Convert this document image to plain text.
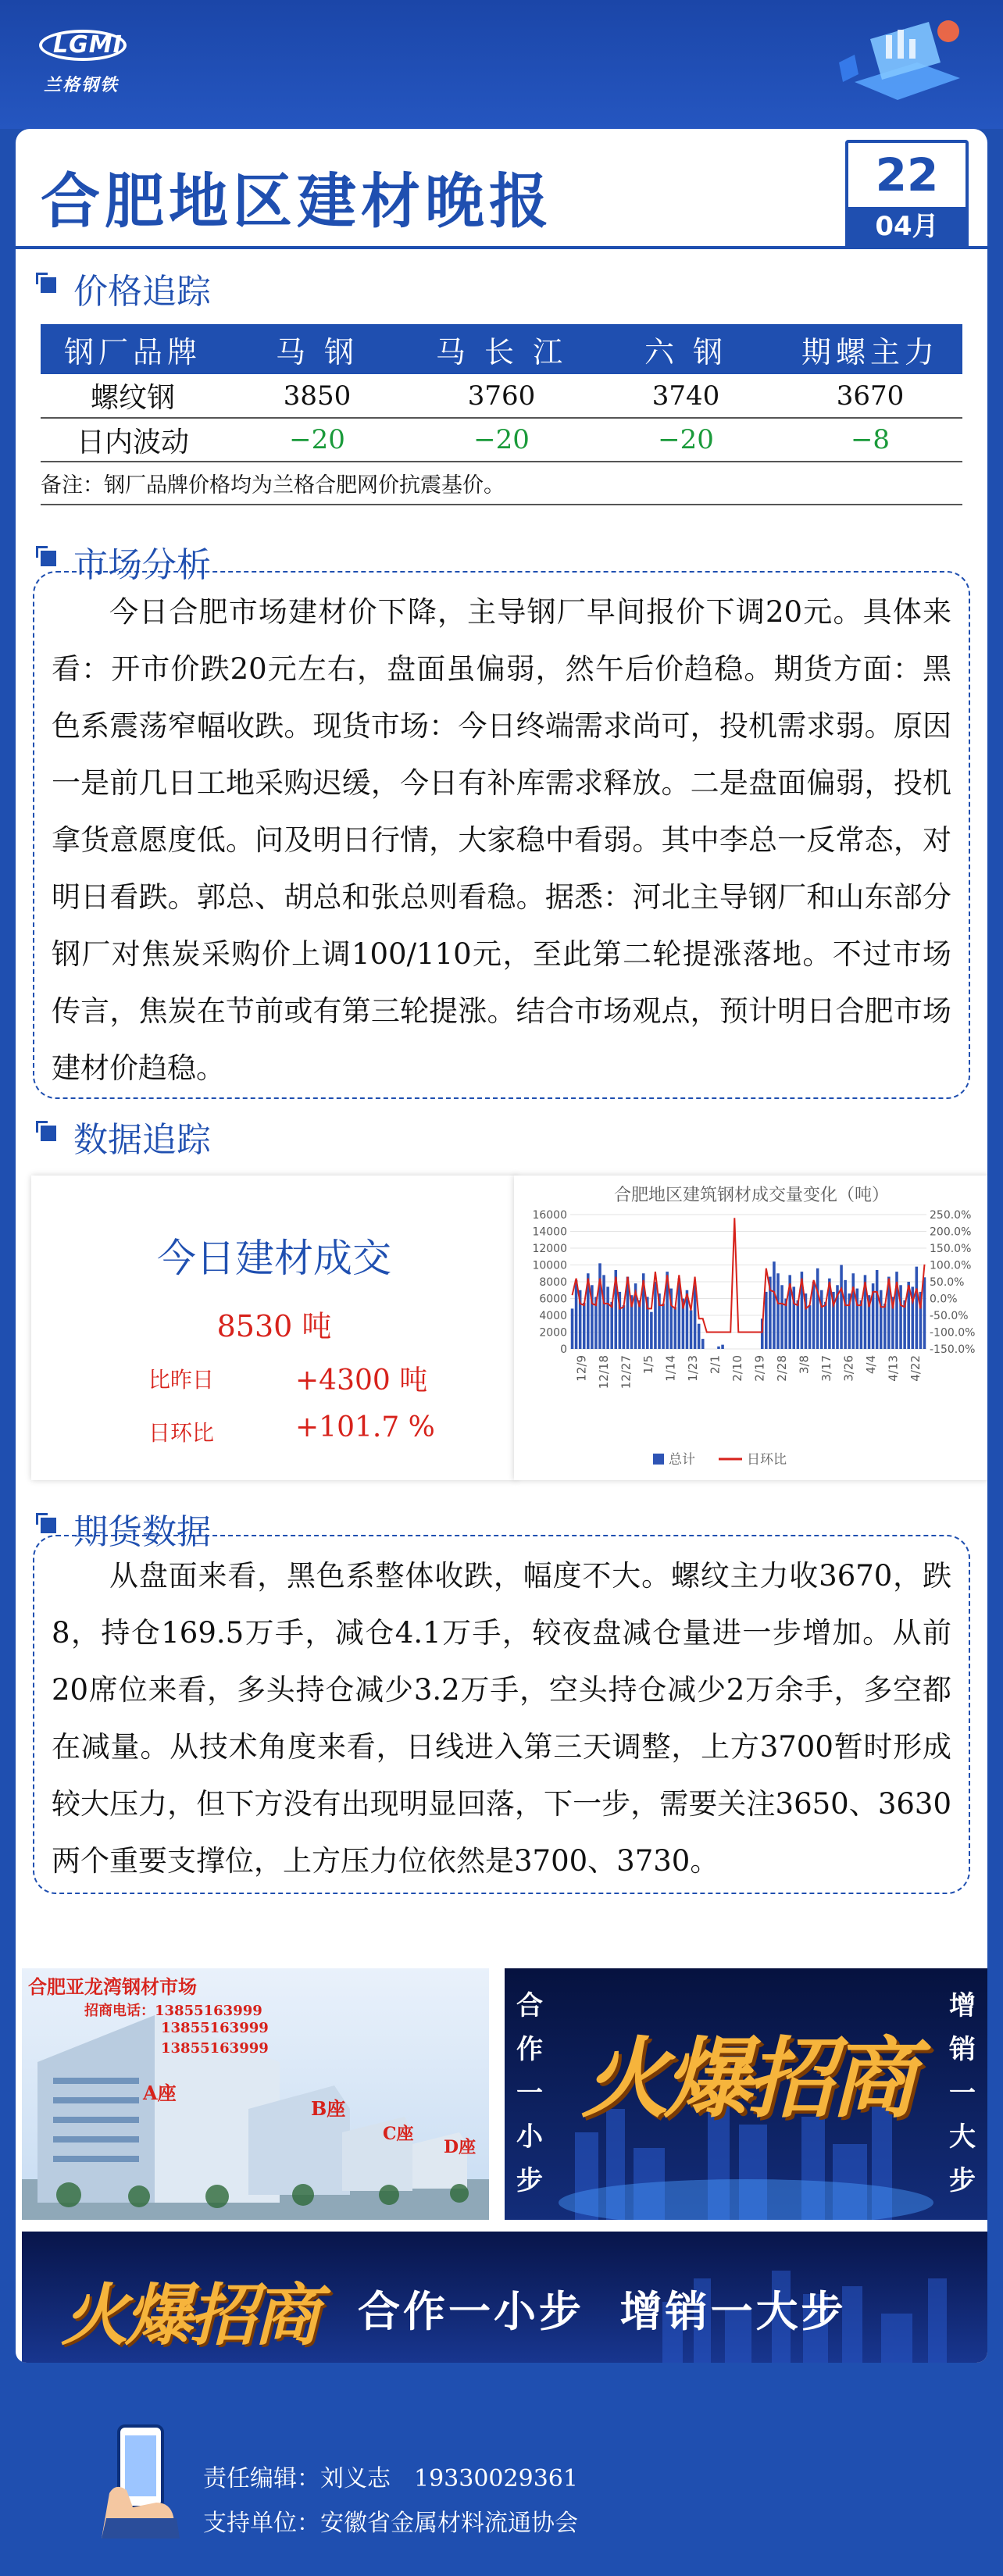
LGMI
兰格钢铁
合肥地区建材晚报	22
04月
价格追踪
钢厂品牌	马 钢	马 长 江	六 钢	期螺主力
螺纹钢	3850	3760	3740	3670
日内波动	−20	−20	−20	−8
备注：钢厂品牌价格均为兰格合肥网价抗震基价。
市场分析
今日合肥市场建材价下降，主导钢厂早间报价下调20元。具体来看：开市价跌20元左右，盘面虽偏弱，然午后价趋稳。期货方面：黑色系震荡窄幅收跌。现货市场：今日终端需求尚可，投机需求弱。原因一是前几日工地采购迟缓，今日有补库需求释放。二是盘面偏弱，投机拿货意愿度低。问及明日行情，大家稳中看弱。其中李总一反常态，对明日看跌。郭总、胡总和张总则看稳。据悉：河北主导钢厂和山东部分钢厂对焦炭采购价上调100/110元，至此第二轮提涨落地。不过市场传言，焦炭在节前或有第三轮提涨。结合市场观点，预计明日合肥市场建材价趋稳。
数据追踪
今日建材成交
8530 吨
比昨日	+4300 吨
日环比	+101.7 %
合肥地区建筑钢材成交量变化（吨）
16000
14000
12000
10000
8000
6000
4000
2000
0
250.0%
200.0%
150.0%
100.0%
50.0%
0.0%
-50.0%
-100.0%
-150.0%
12/9 12/18 12/27 1/5 1/14 1/23 2/1 2/10 2/19 2/28 3/8 3/17 3/26 4/4 4/13 4/22
总计	日环比
期货数据
从盘面来看，黑色系整体收跌，幅度不大。螺纹主力收3670，跌8，持仓169.5万手，减仓4.1万手，较夜盘减仓量进一步增加。从前20席位来看，多头持仓减少3.2万手，空头持仓减少2万余手，多空都在减量。从技术角度来看，日线进入第三天调整，上方3700暂时形成较大压力，但下方没有出现明显回落，下一步，需要关注3650、3630两个重要支撑位，上方压力位依然是3700、3730。
合肥亚龙湾钢材市场
招商电话：13855163999
13855163999
13855163999
A座
B座
C座
D座
合作一小步
增销一大步
火爆招商
火爆招商 合作一小步  增销一大步
责任编辑：刘义志 19330029361
支持单位：安徽省金属材料流通协会
